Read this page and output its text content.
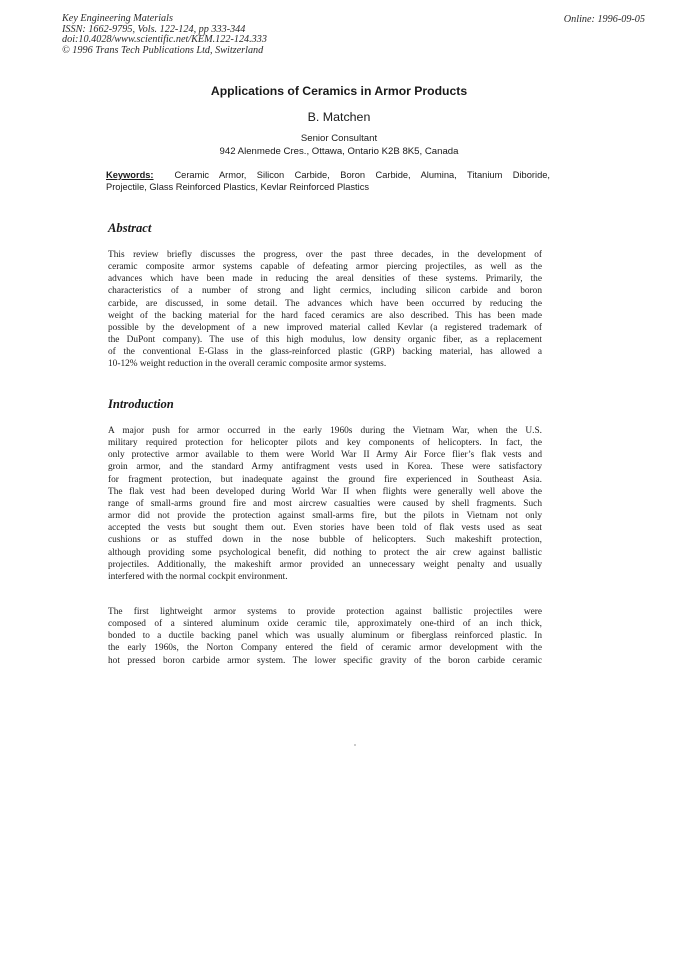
Key Engineering Materials
ISSN: 1662-9795, Vols. 122-124, pp 333-344
doi:10.4028/www.scientific.net/KEM.122-124.333
© 1996 Trans Tech Publications Ltd, Switzerland
Online: 1996-09-05
Applications of Ceramics in Armor Products
B. Matchen
Senior Consultant
942 Alenmede Cres., Ottawa, Ontario K2B 8K5, Canada
Keywords: Ceramic Armor, Silicon Carbide, Boron Carbide, Alumina, Titanium Diboride,
Projectile, Glass Reinforced Plastics, Kevlar Reinforced Plastics
Abstract
This review briefly discusses the progress, over the past three decades, in the development of
ceramic composite armor systems capable of defeating armor piercing projectiles, as well as the
advances which have been made in reducing the areal densities of these systems. Primarily, the
characteristics of a number of strong and light cermics, including silicon carbide and boron
carbide, are discussed, in some detail. The advances which have been occurred by reducing the
weight of the backing material for the hard faced ceramics are also described. This has been made
possible by the development of a new improved material called Kevlar (a registered trademark of
the DuPont company). The use of this high modulus, low density organic fiber, as a replacement
of the conventional E-Glass in the glass-reinforced plastic (GRP) backing material, has allowed a
10-12% weight reduction in the overall ceramic composite armor systems.
Introduction
A major push for armor occurred in the early 1960s during the Vietnam War, when the U.S.
military required protection for helicopter pilots and key components of helicopters. In fact, the
only protective armor available to them were World War II Army Air Force flier’s flak vests and
groin armor, and the standard Army antifragment vests used in Korea. These were satisfactory
for fragment protection, but inadequate against the ground fire experienced in Southeast Asia.
The flak vest had been developed during World War II when flights were generally well above the
range of small-arms ground fire and most aircrew casualties were caused by shell fragments. Such
armor did not provide the protection against small-arms fire, but the pilots in Vietnam not only
accepted the vests but sought them out. Even stories have been told of flak vests used as seat
cushions or as stuffed down in the nose bubble of helicopters. Such makeshift protection,
although providing some psychological benefit, did nothing to protect the air crew against ballistic
projectiles. Additionally, the makeshift armor provided an unnecessary weight penalty and usually
interfered with the normal cockpit environment.
The first lightweight armor systems to provide protection against ballistic projectiles were
composed of a sintered aluminum oxide ceramic tile, approximately one-third of an inch thick,
bonded to a ductile backing panel which was usually aluminum or fiberglass reinforced plastic. In
the early 1960s, the Norton Company entered the field of ceramic armor development with the
hot pressed boron carbide armor system. The lower specific gravity of the boron carbide ceramic
